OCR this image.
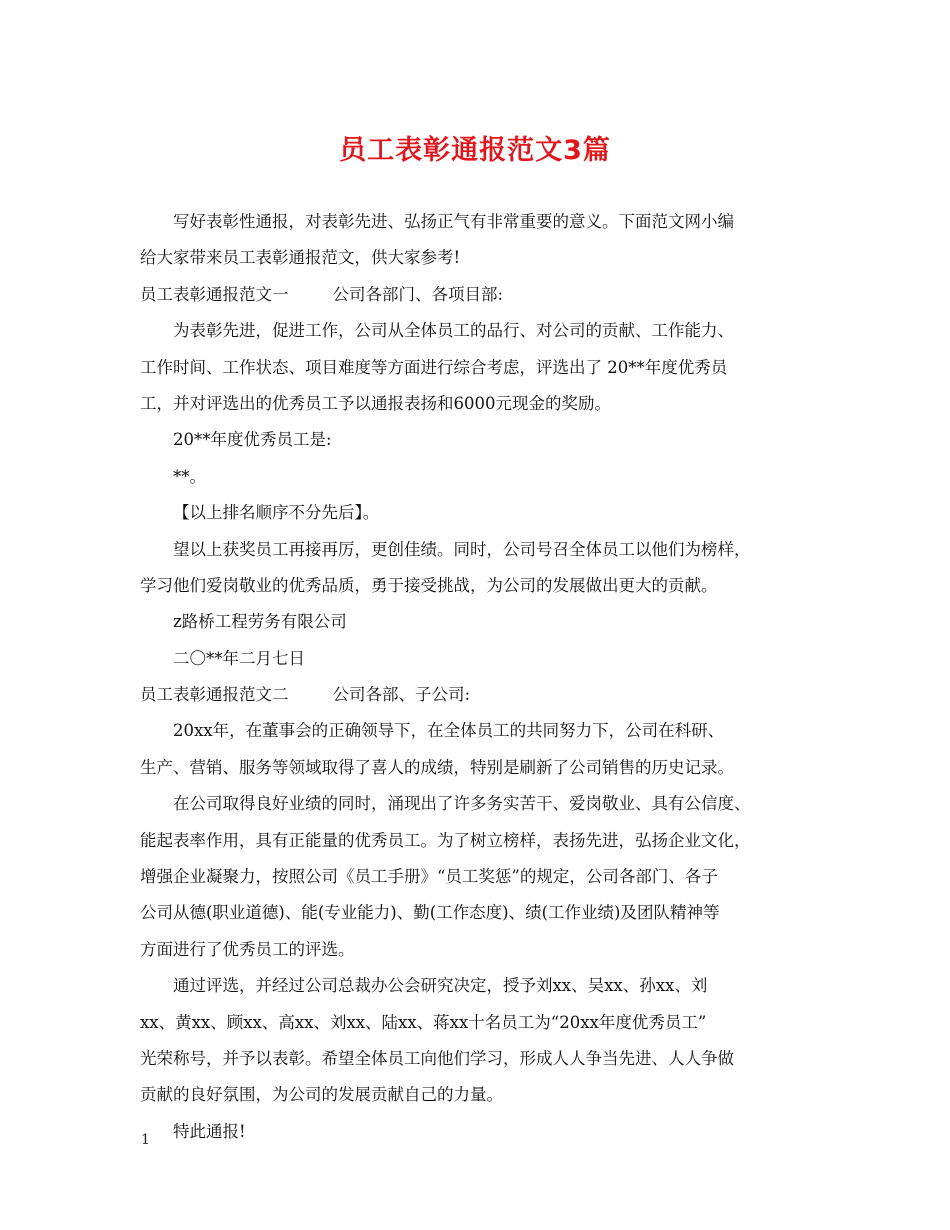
员工表彰通报范文3篇
写好表彰性通报，对表彰先进、弘扬正气有非常重要的意义。下面范文网小编
给大家带来员工表彰通报范文，供大家参考!
员工表彰通报范文一	公司各部门、各项目部:
为表彰先进，促进工作，公司从全体员工的品行、对公司的贡献、工作能力、
工作时间、工作状态、项目难度等方面进行综合考虑，评选出了 20**年度优秀员
工，并对评选出的优秀员工予以通报表扬和6000元现金的奖励。
20**年度优秀员工是:
**。
【以上排名顺序不分先后】。
望以上获奖员工再接再厉，更创佳绩。同时，公司号召全体员工以他们为榜样，
学习他们爱岗敬业的优秀品质，勇于接受挑战，为公司的发展做出更大的贡献。
z路桥工程劳务有限公司
二〇**年二月七日
员工表彰通报范文二	公司各部、子公司:
20xx年，在董事会的正确领导下，在全体员工的共同努力下，公司在科研、
生产、营销、服务等领域取得了喜人的成绩，特别是刷新了公司销售的历史记录。
在公司取得良好业绩的同时，涌现出了许多务实苦干、爱岗敬业、具有公信度、
能起表率作用，具有正能量的优秀员工。为了树立榜样，表扬先进，弘扬企业文化，
增强企业凝聚力，按照公司《员工手册》“员工奖惩”的规定，公司各部门、各子
公司从德(职业道德)、能(专业能力)、勤(工作态度)、绩(工作业绩)及团队精神等
方面进行了优秀员工的评选。
通过评选，并经过公司总裁办公会研究决定，授予刘xx、吴xx、孙xx、刘
xx、黄xx、顾xx、高xx、刘xx、陆xx、蒋xx十名员工为“20xx年度优秀员工”
光荣称号，并予以表彰。希望全体员工向他们学习，形成人人争当先进、人人争做
贡献的良好氛围，为公司的发展贡献自己的力量。
特此通报!
1
